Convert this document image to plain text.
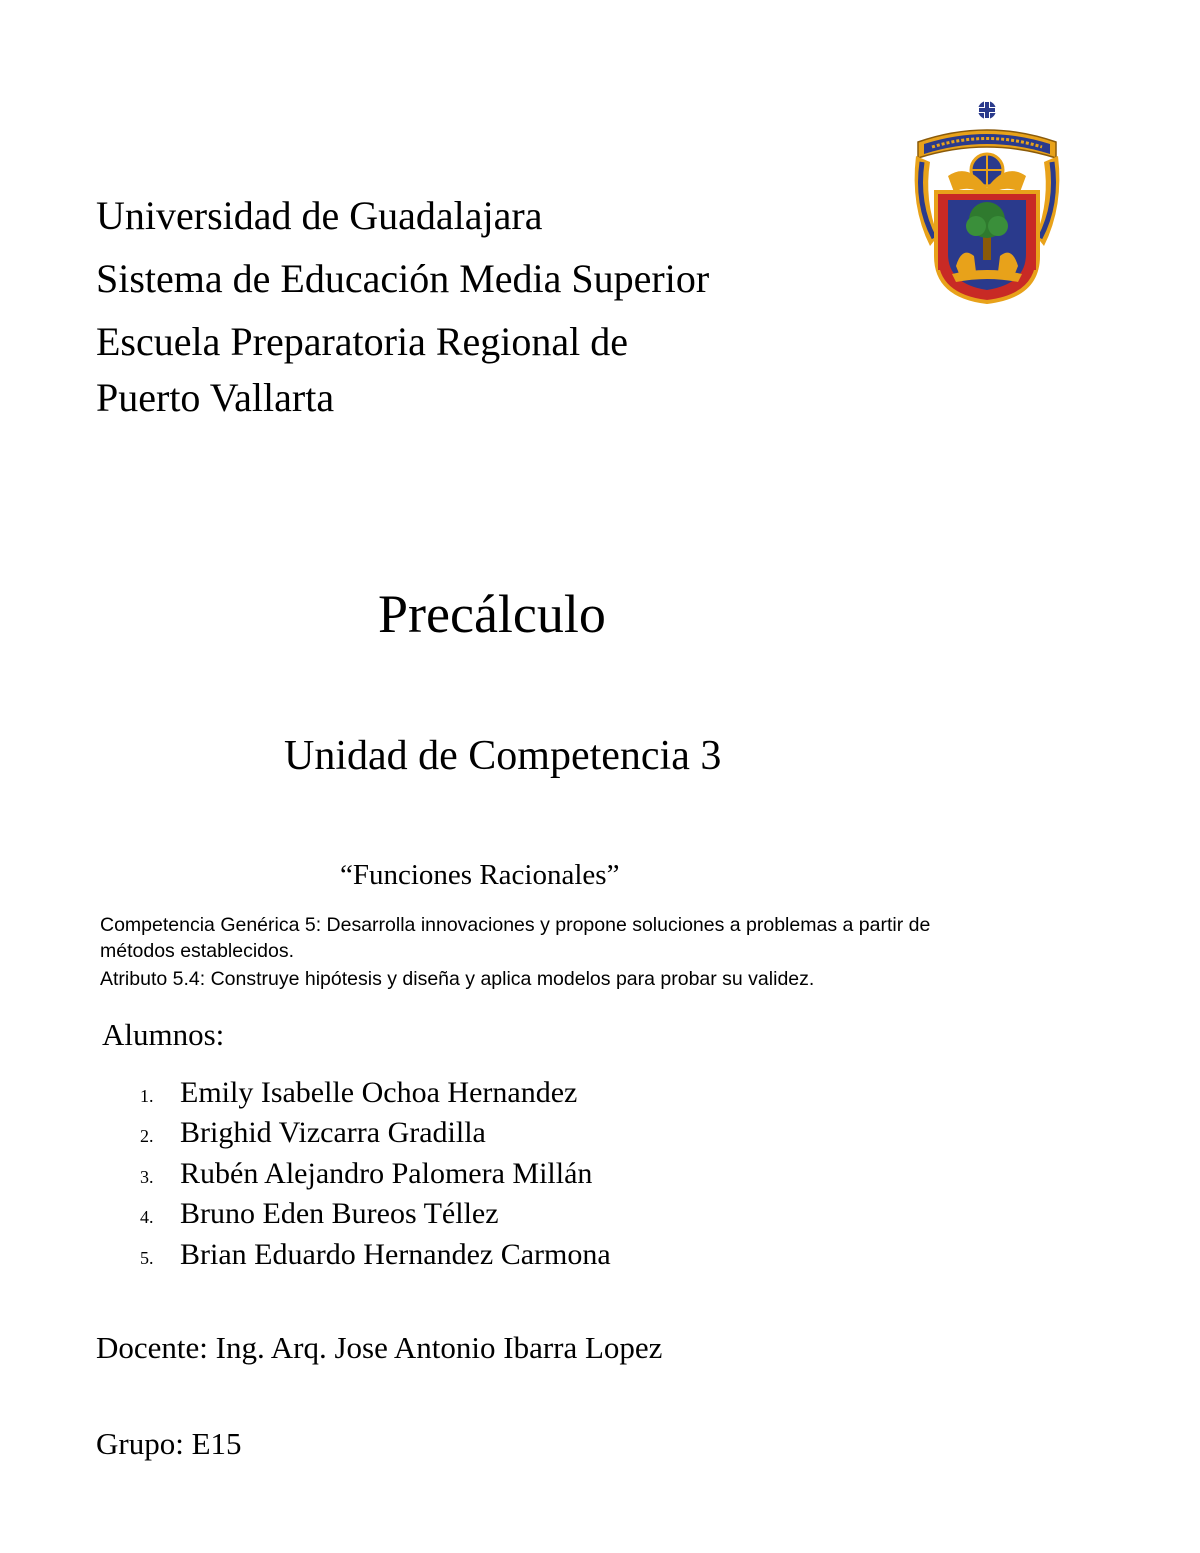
Universidad de Guadalajara
Sistema de Educación Media Superior
Escuela Preparatoria Regional de
Puerto Vallarta
Precálculo
Unidad de Competencia 3
“Funciones Racionales”
Competencia Genérica 5: Desarrolla innovaciones y propone soluciones a problemas a partir de
métodos establecidos.
Atributo 5.4: Construye hipótesis y diseña y aplica modelos para probar su validez.
Alumnos:
1. Emily Isabelle Ochoa Hernandez
2. Brighid Vizcarra Gradilla
3. Rubén Alejandro Palomera Millán
4. Bruno Eden Bureos Téllez
5. Brian Eduardo Hernandez Carmona
Docente: Ing. Arq. Jose Antonio Ibarra Lopez
Grupo: E15
